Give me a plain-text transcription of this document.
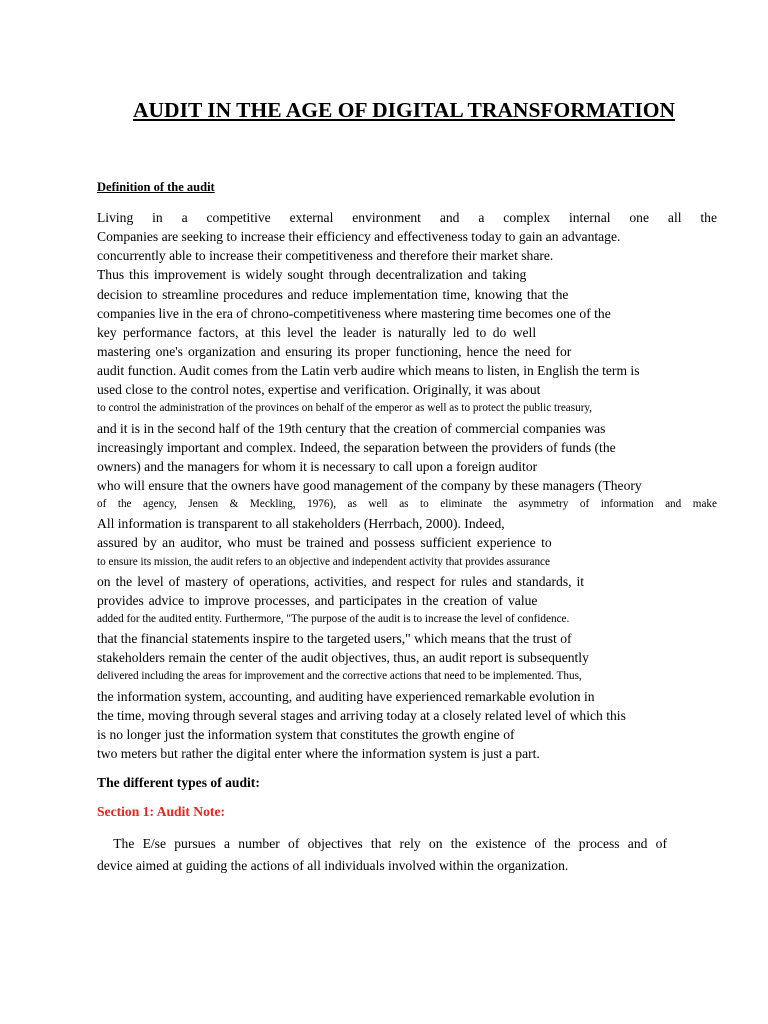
AUDIT IN THE AGE OF DIGITAL TRANSFORMATION

Definition of the audit

Living in a competitive external environment and a complex internal one all the
Companies are seeking to increase their efficiency and effectiveness today to gain an advantage.
concurrently able to increase their competitiveness and therefore their market share.
Thus this improvement is widely sought through decentralization and taking
decision to streamline procedures and reduce implementation time, knowing that the
companies live in the era of chrono-competitiveness where mastering time becomes one of the
key performance factors, at this level the leader is naturally led to do well
mastering one's organization and ensuring its proper functioning, hence the need for
audit function. Audit comes from the Latin verb audire which means to listen, in English the term is
used close to the control notes, expertise and verification. Originally, it was about
to control the administration of the provinces on behalf of the emperor as well as to protect the public treasury,
and it is in the second half of the 19th century that the creation of commercial companies was
increasingly important and complex. Indeed, the separation between the providers of funds (the
owners) and the managers for whom it is necessary to call upon a foreign auditor
who will ensure that the owners have good management of the company by these managers (Theory
of the agency, Jensen & Meckling, 1976), as well as to eliminate the asymmetry of information and make
All information is transparent to all stakeholders (Herrbach, 2000). Indeed,
assured by an auditor, who must be trained and possess sufficient experience to
to ensure its mission, the audit refers to an objective and independent activity that provides assurance
on the level of mastery of operations, activities, and respect for rules and standards, it
provides advice to improve processes, and participates in the creation of value
added for the audited entity. Furthermore, "The purpose of the audit is to increase the level of confidence.
that the financial statements inspire to the targeted users," which means that the trust of
stakeholders remain the center of the audit objectives, thus, an audit report is subsequently
delivered including the areas for improvement and the corrective actions that need to be implemented. Thus,
the information system, accounting, and auditing have experienced remarkable evolution in
the time, moving through several stages and arriving today at a closely related level of which this
is no longer just the information system that constitutes the growth engine of
two meters but rather the digital enter where the information system is just a part.

The different types of audit:

Section 1: Audit Note:

The E/se pursues a number of objectives that rely on the existence of the process and of
device aimed at guiding the actions of all individuals involved within the organization.
